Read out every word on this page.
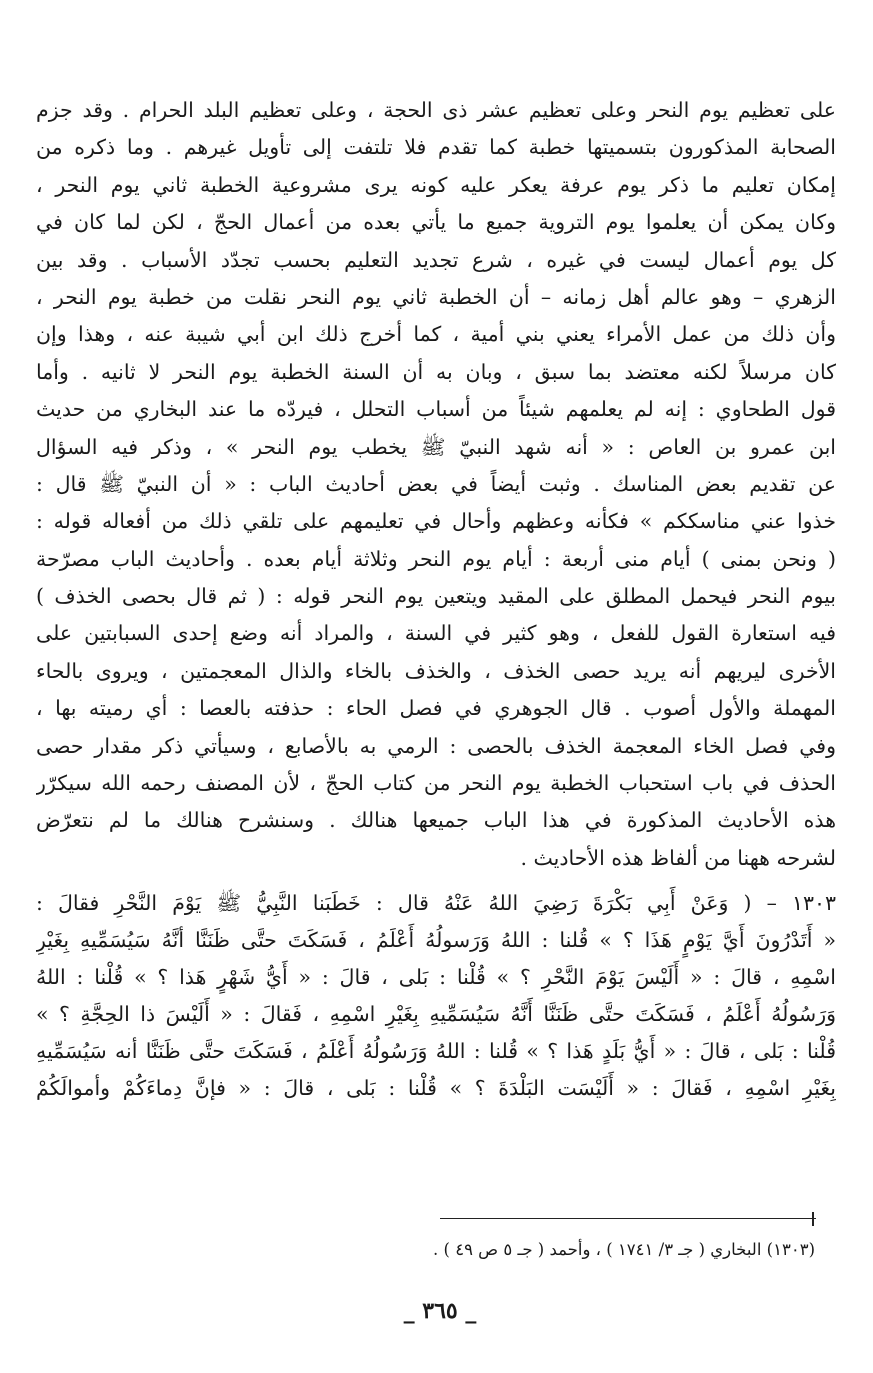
على تعظيم يوم النحر وعلى تعظيم عشر ذى الحجة ، وعلى تعظيم البلد الحرام . وقد جزم
الصحابة المذكورون بتسميتها خطبة كما تقدم فلا تلتفت إلى تأويل غيرهم . وما ذكره من
إمكان تعليم ما ذكر يوم عرفة يعكر عليه كونه يرى مشروعية الخطبة ثاني يوم النحر ،
وكان يمكن أن يعلموا يوم التروية جميع ما يأتي بعده من أعمال الحجّ ، لكن لما كان في
كل يوم أعمال ليست في غيره ، شرع تجديد التعليم بحسب تجدّد الأسباب . وقد بين
الزهري – وهو عالم أهل زمانه – أن الخطبة ثاني يوم النحر نقلت من خطبة يوم النحر ،
وأن ذلك من عمل الأمراء يعني بني أمية ، كما أخرج ذلك ابن أبي شيبة عنه ، وهذا وإن
كان مرسلاً لكنه معتضد بما سبق ، وبان به أن السنة الخطبة يوم النحر لا ثانيه . وأما
قول الطحاوي : إنه لم يعلمهم شيئاً من أسباب التحلل ، فيردّه ما عند البخاري من حديث
ابن عمرو بن العاص : « أنه شهد النبيّ ﷺ يخطب يوم النحر » ، وذكر فيه السؤال
عن تقديم بعض المناسك . وثبت أيضاً في بعض أحاديث الباب : « أن النبيّ ﷺ قال :
خذوا عني مناسككم » فكأنه وعظهم وأحال في تعليمهم على تلقي ذلك من أفعاله قوله :
( ونحن بمنى ) أيام منى أربعة : أيام يوم النحر وثلاثة أيام بعده . وأحاديث الباب مصرّحة
بيوم النحر فيحمل المطلق على المقيد ويتعين يوم النحر قوله : ( ثم قال بحصى الخذف )
فيه استعارة القول للفعل ، وهو كثير في السنة ، والمراد أنه وضع إحدى السبابتين على
الأخرى ليريهم أنه يريد حصى الخذف ، والخذف بالخاء والذال المعجمتين ، ويروى بالحاء
المهملة والأول أصوب . قال الجوهري في فصل الحاء : حذفته بالعصا : أي رميته بها ،
وفي فصل الخاء المعجمة الخذف بالحصى : الرمي به بالأصابع ، وسيأتي ذكر مقدار حصى
الحذف في باب استحباب الخطبة يوم النحر من كتاب الحجّ ، لأن المصنف رحمه الله سيكرّر
هذه الأحاديث المذكورة في هذا الباب جميعها هنالك . وسنشرح هنالك ما لم نتعرّض
لشرحه ههنا من ألفاظ هذه الأحاديث .
١٣٠٣ – ( وَعَنْ أَبِي بَكْرَةَ رَضِيَ اللهُ عَنْهُ قال : خَطَبَنا النَّبِيُّ ﷺ يَوْمَ النَّحْرِ فقالَ :
« أَتَدْرُونَ أَيَّ يَوْمٍ هَذَا ؟ » قُلنا : اللهُ وَرَسولُهُ أَعْلَمُ ، فَسَكَتَ حتَّى ظَنَنَّا أنَّهُ سَيُسَمِّيهِ بِغَيْرِ
اسْمِهِ ، قالَ : « أَلَيْسَ يَوْمَ النَّحْرِ ؟ » قُلْنا : بَلى ، قالَ : « أَيُّ شَهْرٍ هَذا ؟ » قُلْنا : اللهُ
وَرَسُولُهُ أَعْلَمُ ، فَسَكَتَ حتَّى ظَنَنَّا أَنَّهُ سَيُسَمِّيهِ بِغَيْرِ اسْمِهِ ، فَقالَ : « أَلَيْسَ ذا الحِجَّةِ ؟ »
قُلْنا : بَلى ، قالَ : « أَيُّ بَلَدٍ هَذا ؟ » قُلنا : اللهُ وَرَسُولُهُ أَعْلَمُ ، فَسَكَتَ حتَّى ظَنَنَّا أنه سَيُسَمِّيهِ
بِغَيْرِ اسْمِهِ ، فَقالَ : « أَلَيْسَت البَلْدَةَ ؟ » قُلْنا : بَلى ، قالَ : « فإنَّ دِماءَكُمْ وأموالَكُمْ
(١٣٠٣) البخاري ( جـ ٣/ ١٧٤١ ) ، وأحمد ( جـ ٥ ص ٤٩ ) .
_ ٣٦٥ _
